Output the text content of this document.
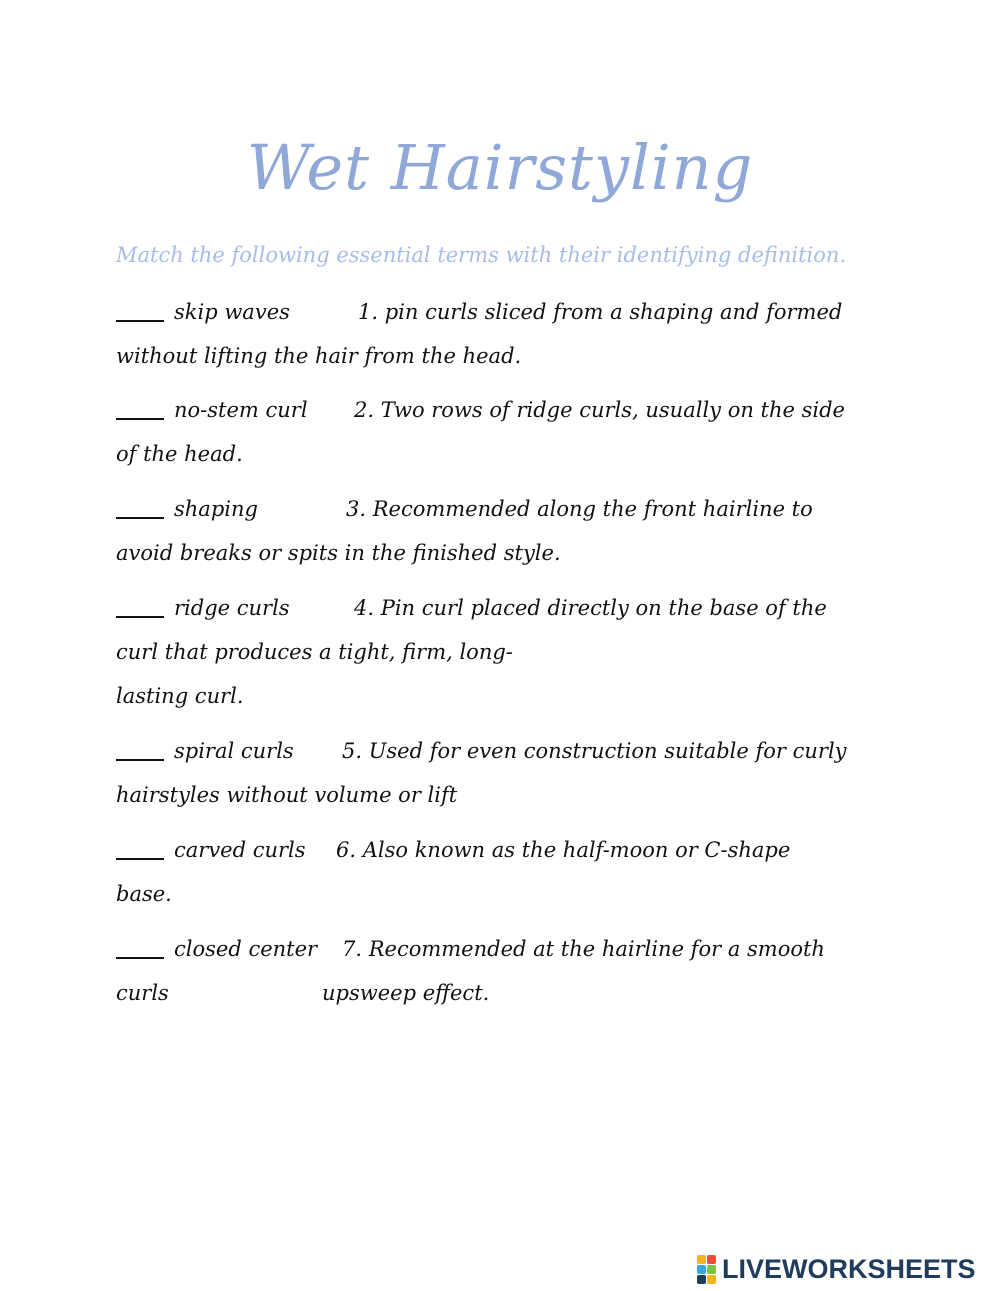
Wet Hairstyling

Match the following essential terms with their identifying definition.

skip waves	1. pin curls sliced from a shaping and formed
without lifting the hair from the head.
no-stem curl 2. Two rows of ridge curls, usually on the side
of the head.
shaping	3. Recommended along the front hairline to
avoid breaks or spits in the finished style.
ridge curls	4. Pin curl placed directly on the base of the
curl that produces a tight, firm, long-
lasting curl.
spiral curls 5. Used for even construction suitable for curly
hairstyles without volume or lift
carved curls 6. Also known as the half-moon or C-shape
base.
closed center 7. Recommended at the hairline for a smooth
curls	upsweep effect.
LIVEWORKSHEETS
